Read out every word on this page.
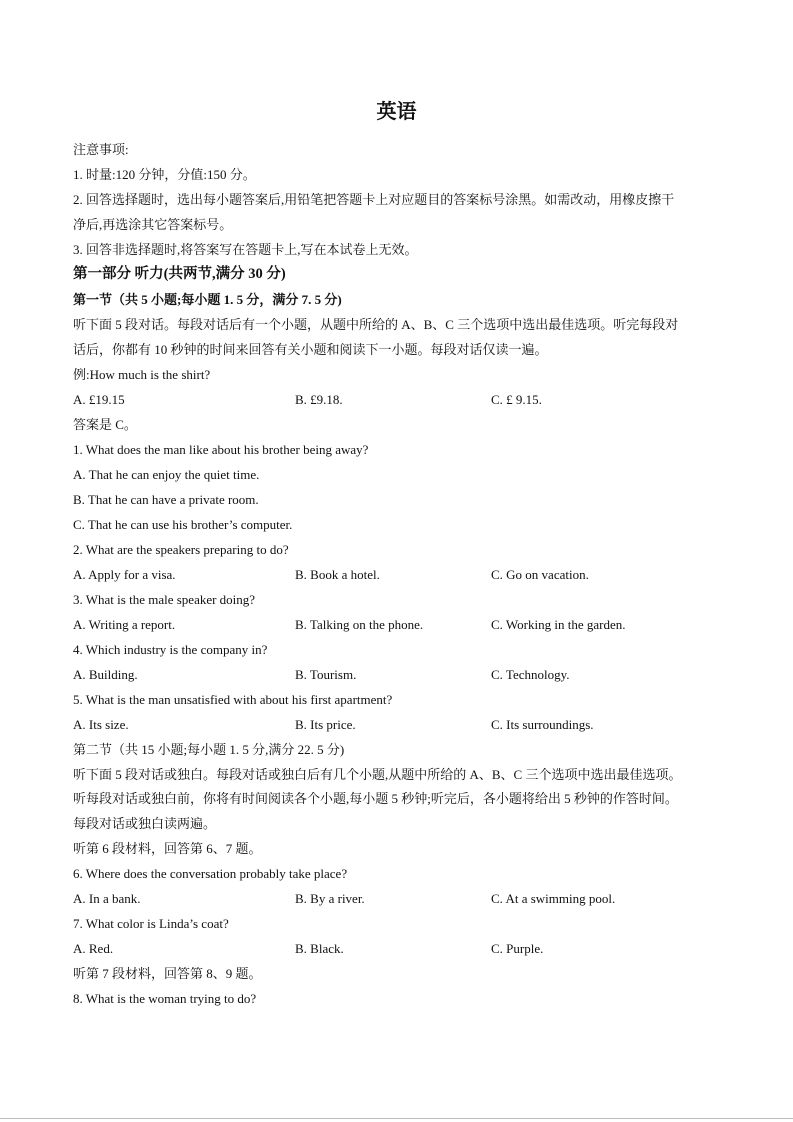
英语
注意事项:
1. 时量:120 分钟，分值:150 分。
2. 回答选择题时，选出每小题答案后,用铅笔把答题卡上对应题目的答案标号涂黑。如需改动，用橡皮擦干
净后,再选涂其它答案标号。
3. 回答非选择题时,将答案写在答题卡上,写在本试卷上无效。
第一部分 听力(共两节,满分 30 分)
第一节（共 5 小题;每小题 1. 5 分，满分 7. 5 分)
听下面 5 段对话。每段对话后有一个小题，从题中所给的 A、B、C 三个选项中选出最佳选项。听完每段对
话后，你都有 10 秒钟的时间来回答有关小题和阅读下一小题。每段对话仅读一遍。
例:How much is the shirt?
A. £19.15	B. £9.18.	C. £ 9.15.
答案是 C。
1. What does the man like about his brother being away?
A. That he can enjoy the quiet time.
B. That he can have a private room.
C. That he can use his brother’s computer.
2. What are the speakers preparing to do?
A. Apply for a visa.	B. Book a hotel.	C. Go on vacation.
3. What is the male speaker doing?
A. Writing a report.	B. Talking on the phone.	C. Working in the garden.
4. Which industry is the company in?
A. Building.	B. Tourism.	C. Technology.
5. What is the man unsatisfied with about his first apartment?
A. Its size.	B. Its price.	C. Its surroundings.
第二节（共 15 小题;每小题 1. 5 分,满分 22. 5 分)
听下面 5 段对话或独白。每段对话或独白后有几个小题,从题中所给的 A、B、C 三个选项中选出最佳选项。
听每段对话或独白前，你将有时间阅读各个小题,每小题 5 秒钟;听完后，各小题将给出 5 秒钟的作答时间。
每段对话或独白读两遍。
听第 6 段材料，回答第 6、7 题。
6. Where does the conversation probably take place?
A. In a bank.	B. By a river.	C. At a swimming pool.
7. What color is Linda’s coat?
A. Red.	B. Black.	C. Purple.
听第 7 段材料，回答第 8、9 题。
8. What is the woman trying to do?
